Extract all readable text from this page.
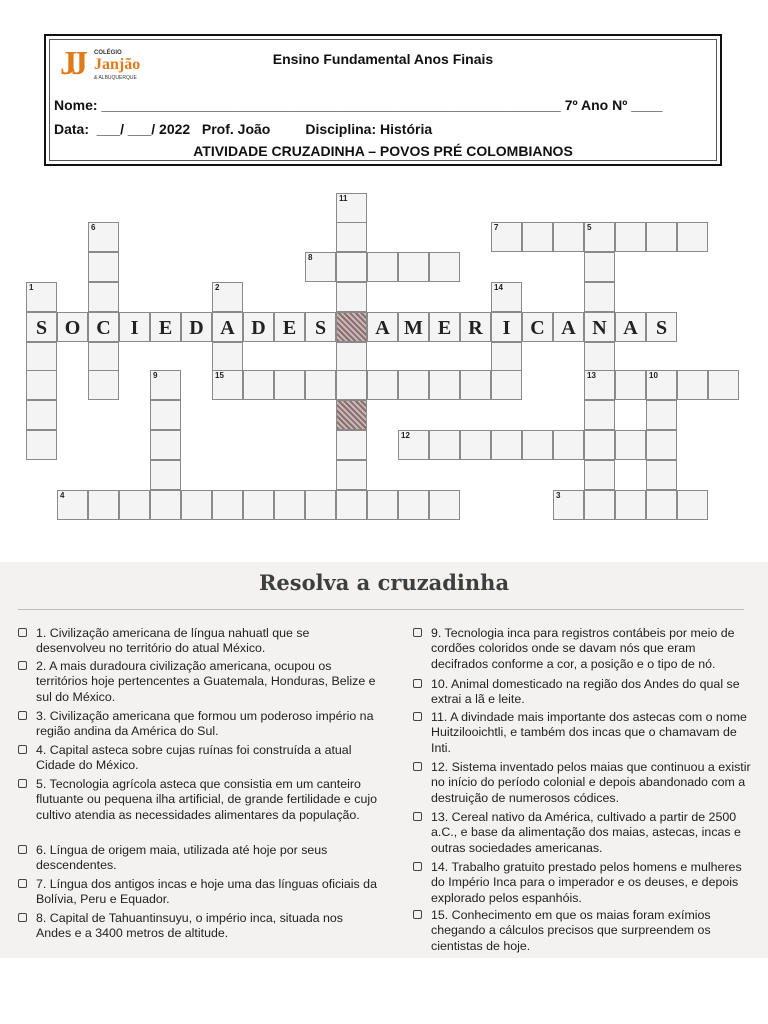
JJ COLÉGIO
Janjão
& ALBUQUERQUE
Ensino Fundamental Anos Finais
Nome: ___________________________________________________________ 7º Ano Nº ____
Data:  ___/ ___/ 2022   Prof. João         Disciplina: História
ATIVIDADE CRUZADINHA – POVOS PRÉ COLOMBIANOS
S O C I	E D A D E S	A M E R I C A N A S
1
6
2
11
9
14
5
13	10
7
8
15
12
4	3
Resolva a cruzadinha
1. Civilização americana de língua nahuatl que se desenvolveu no território do atual México.
2. A mais duradoura civilização americana, ocupou os territórios hoje pertencentes a Guatemala, Honduras, Belize e sul do México.
3. Civilização americana que formou um poderoso império na região andina da América do Sul.
4. Capital asteca sobre cujas ruínas foi construída a atual Cidade do México.
5. Tecnologia agrícola asteca que consistia em um canteiro flutuante ou pequena ilha artificial, de grande fertilidade e cujo cultivo atendia as necessidades alimentares da população.
6. Língua de origem maia, utilizada até hoje por seus descendentes.
7. Língua dos antigos incas e hoje uma das línguas oficiais da Bolívia, Peru e Equador.
8. Capital de Tahuantinsuyu, o império inca, situada nos Andes e a 3400 metros de altitude.
9. Tecnologia inca para registros contábeis por meio de cordões coloridos onde se davam nós que eram decifrados conforme a cor, a posição e o tipo de nó.
10. Animal domesticado na região dos Andes do qual se extrai a lã e leite.
11. A divindade mais importante dos astecas com o nome Huitzilooichtli, e também dos incas que o chamavam de Inti.
12. Sistema inventado pelos maias que continuou a existir no início do período colonial e depois abandonado com a destruição de numerosos códices.
13. Cereal nativo da América, cultivado a partir de 2500 a.C., e base da alimentação dos maias, astecas, incas e outras sociedades americanas.
14. Trabalho gratuito prestado pelos homens e mulheres do Império Inca para o imperador e os deuses, e depois explorado pelos espanhóis.
15. Conhecimento em que os maias foram exímios chegando a cálculos precisos que surpreendem os cientistas de hoje.
